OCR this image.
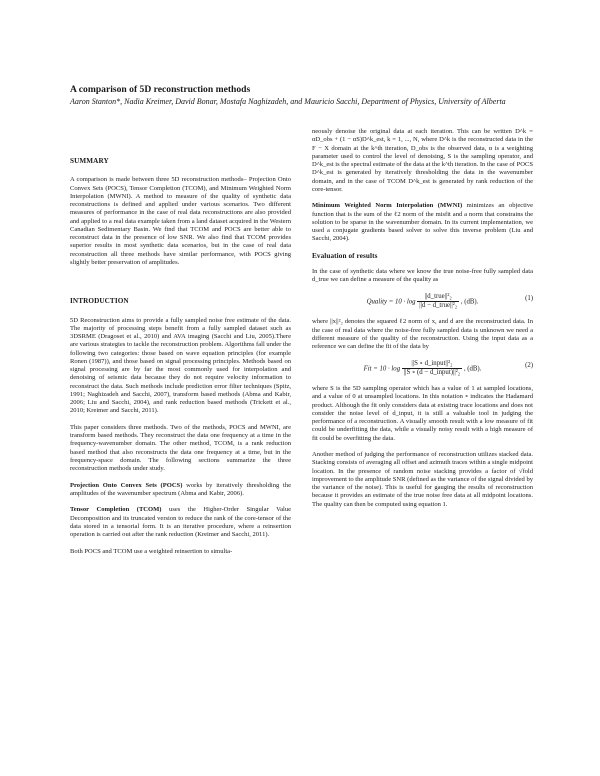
A comparison of 5D reconstruction methods
Aaron Stanton*, Nadia Kreimer, David Bonar, Mostafa Naghizadeh, and Mauricio Sacchi, Department of Physics, University of Alberta
SUMMARY

A comparison is made between three 5D reconstruction methods– Projection Onto Convex Sets (POCS), Tensor Completion (TCOM), and Minimum Weighted Norm Interpolation (MWNI). A method to measure of the quality of synthetic data reconstructions is defined and applied under various scenarios. Two different measures of performance in the case of real data reconstructions are also provided and applied to a real data example taken from a land dataset acquired in the Western Canadian Sedimentary Basin. We find that TCOM and POCS are better able to reconstruct data in the presence of low SNR. We also find that TCOM provides superior results in most synthetic data scenarios, but in the case of real data reconstruction all three methods have similar performance, with POCS giving slightly better preservation of amplitudes.

INTRODUCTION

5D Reconstruction aims to provide a fully sampled noise free estimate of the data. The majority of processing steps benefit from a fully sampled dataset such as 3DSRME (Dragoset et al., 2010) and AVA imaging (Sacchi and Liu, 2005).There are various strategies to tackle the reconstruction problem. Algorithms fall under the following two categories: those based on wave equation principles (for example Ronen (1987)), and those based on signal processing principles. Methods based on signal processing are by far the most commonly used for interpolation and denoising of seismic data because they do not require velocity information to reconstruct the data. Such methods include prediction error filter techniques (Spitz, 1991; Naghizadeh and Sacchi, 2007), transform based methods (Abma and Kabir, 2006; Liu and Sacchi, 2004), and rank reduction based methods (Trickett et al., 2010; Kreimer and Sacchi, 2011).

This paper considers three methods. Two of the methods, POCS and MWNI, are transform based methods. They reconstruct the data one frequency at a time in the frequency-wavenumber domain. The other method, TCOM, is a rank reduction based method that also reconstructs the data one frequency at a time, but in the frequency-space domain. The following sections summarize the three reconstruction methods under study.

Projection Onto Convex Sets (POCS) works by iteratively thresholding the amplitudes of the wavenumber spectrum (Abma and Kabir, 2006).

Tensor Completion (TCOM) uses the Higher-Order Singular Value Decomposition and its truncated version to reduce the rank of the core-tensor of the data stored in a tensorial form. It is an iterative procedure, where a reinsertion operation is carried out after the rank reduction (Kreimer and Sacchi, 2011).

Both POCS and TCOM use a weighted reinsertion to simulta-

neously denoise the original data at each iteration. This can be written D^k = αD_obs + (1 − αS)D^k_est, k = 1, ..., N, where D^k is the reconstructed data in the F − X domain at the k^th iteration, D_obs is the observed data, α is a weighting parameter used to control the level of denoising, S is the sampling operator, and D^k_est is the spectral estimate of the data at the k^th iteration. In the case of POCS D^k_est is generated by iteratively thresholding the data in the wavenumber domain, and in the case of TCOM D^k_est is generated by rank reduction of the core-tensor.

Minimum Weighted Norm Interpolation (MWNI) minimizes an objective function that is the sum of the ℓ2 norm of the misfit and a norm that constrains the solution to be sparse in the wavenumber domain. In its current implementation, we used a conjugate gradients based solver to solve this inverse problem (Liu and Sacchi, 2004).

Evaluation of results

In the case of synthetic data where we know the true noise-free fully sampled data d_true we can define a measure of the quality as

Quality = $10 \cdot \log \frac{\text{||d\_true||²₂}}{\text{||d − d\_true||²₂}}$ , (dB).	(1)

where ||x||²₂ denotes the squared ℓ2 norm of x, and d are the reconstructed data. In the case of real data where the noise-free fully sampled data is unknown we need a different measure of the quality of the reconstruction. Using the input data as a reference we can define the fit of the data by

Fit = $10 \cdot \log \frac{\text{||S ∘ d\_input||²₂}}{\text{||S ∘ (d − d\_input)||²₂}}$ , (dB).	(2)

where S is the 5D sampling operator which has a value of 1 at sampled locations, and a value of 0 at unsampled locations. In this notation ∘ indicates the Hadamard product. Although the fit only considers data at existing trace locations and does not consider the noise level of d_input, it is still a valuable tool in judging the performance of a reconstruction. A visually smooth result with a low measure of fit could be underfitting the data, while a visually noisy result with a high measure of fit could be overfitting the data.

Another method of judging the performance of reconstruction utilizes stacked data. Stacking consists of averaging all offset and azimuth traces within a single midpoint location. In the presence of random noise stacking provides a factor of √fold improvement to the amplitude SNR (defined as the variance of the signal divided by the variance of the noise). This is useful for gauging the results of reconstruction because it provides an estimate of the true noise free data at all midpoint locations. The quality can then be computed using equation 1.
